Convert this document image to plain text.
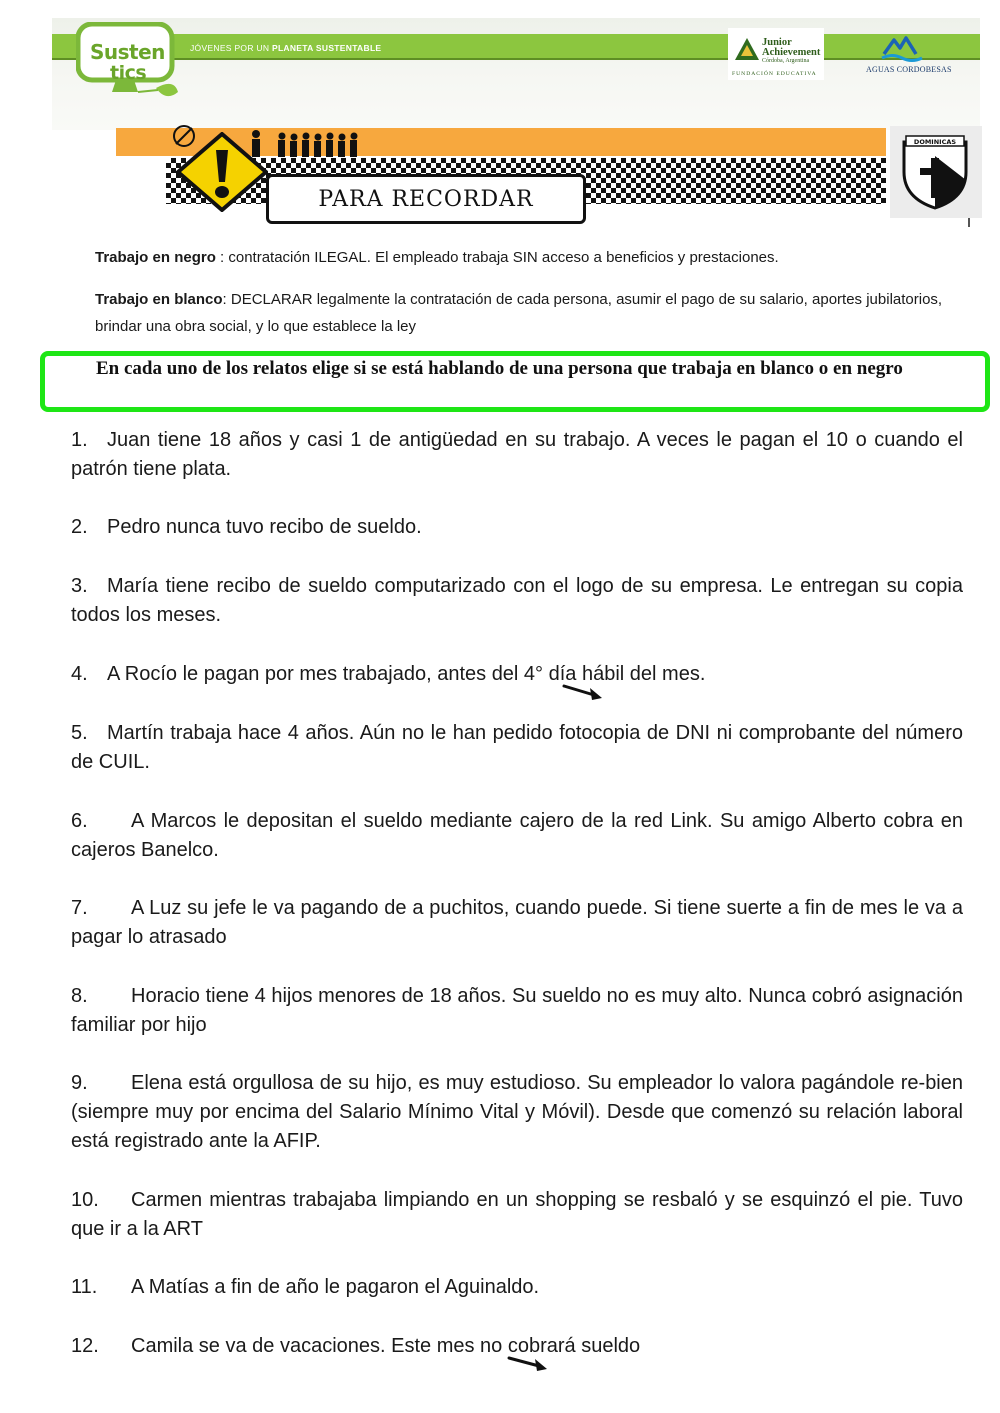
JÓVENES POR UN PLANETA SUSTENTABLE
Susten
tics
Junior
Achievement
Córdoba, Argentina
FUNDACIÓN EDUCATIVA	AGUAS CORDOBESAS
PARA RECORDAR
DOMINICAS
Trabajo en negro : contratación ILEGAL. El empleado trabaja SIN acceso a beneficios y prestaciones.
Trabajo en blanco: DECLARAR legalmente la contratación de cada persona, asumir el pago de su salario, aportes jubilatorios, brindar una obra social, y lo que establece la ley
En cada uno de los relatos elige si se está hablando de una persona que trabaja en blanco o en negro
1. Juan tiene 18 años y casi 1 de antigüedad en su trabajo. A veces le pagan el 10 o cuando el patrón tiene plata.
2. Pedro nunca tuvo recibo de sueldo.
3. María tiene recibo de sueldo computarizado con el logo de su empresa. Le entregan su copia todos los meses.
4. A Rocío le pagan por mes trabajado, antes del 4° día hábil del mes.
5. Martín trabaja hace 4 años. Aún no le han pedido fotocopia de DNI ni comprobante del número de CUIL.
6. A Marcos le depositan el sueldo mediante cajero de la red Link. Su amigo Alberto cobra en cajeros Banelco.
7. A Luz su jefe le va pagando de a puchitos, cuando puede. Si tiene suerte a fin de mes le va a pagar lo atrasado
8. Horacio tiene 4 hijos menores de 18 años. Su sueldo no es muy alto. Nunca cobró asignación familiar por hijo
9. Elena está orgullosa de su hijo, es muy estudioso. Su empleador lo valora pagándole re-bien (siempre muy por encima del Salario Mínimo Vital y Móvil). Desde que comenzó su relación laboral está registrado ante la AFIP.
10. Carmen mientras trabajaba limpiando en un shopping se resbaló y se esquinzó el pie. Tuvo que ir a la ART
11. A Matías a fin de año le pagaron el Aguinaldo.
12. Camila se va de vacaciones. Este mes no cobrará sueldo
